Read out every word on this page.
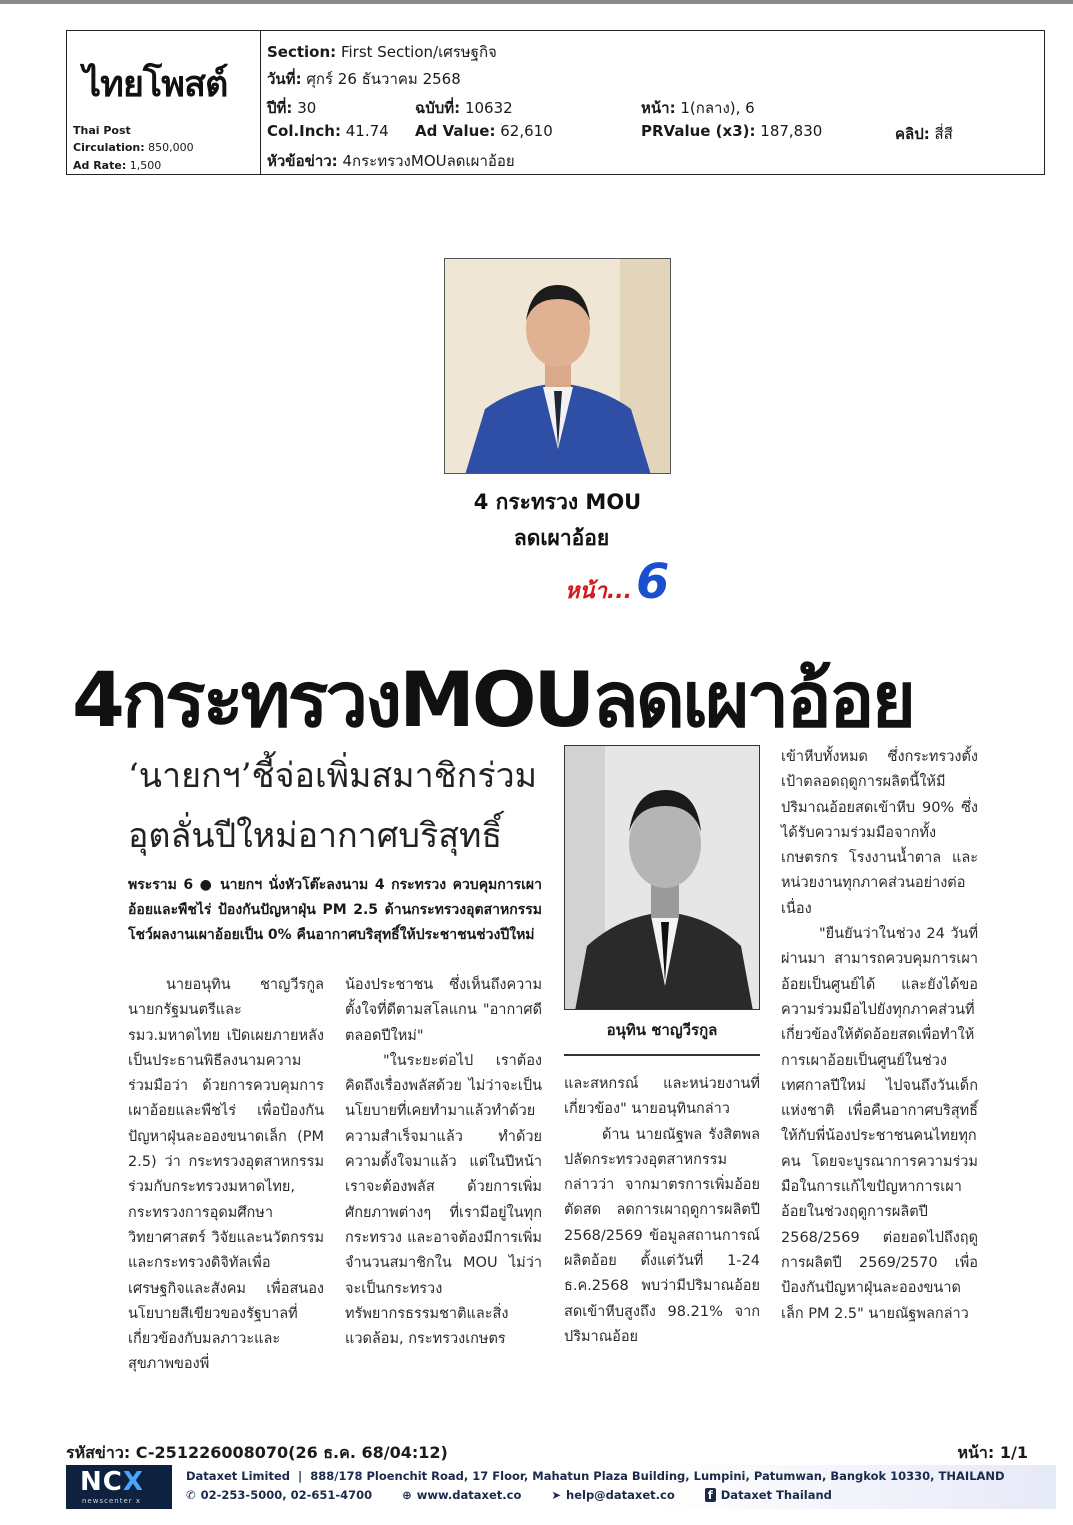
ไทยโพสต์
Thai Post
Circulation: 850,000
Ad Rate: 1,500
Section: First Section/เศรษฐกิจ
วันที่: ศุกร์ 26 ธันวาคม 2568
ปีที่: 30	ฉบับที่: 10632	หน้า: 1(กลาง), 6
Col.Inch: 41.74 Ad Value: 62,610	PRValue (x3): 187,830	คลิป: สี่สี
หัวข้อข่าว: 4กระทรวงMOUลดเผาอ้อย
4 กระทรวง MOU
ลดเผาอ้อย
หน้า...6
4กระทรวงMOUลดเผาอ้อย
‘นายกฯ’ชี้จ่อเพิ่มสมาชิกร่วม
อุตลั่นปีใหม่อากาศบริสุทธิ์
พระราม 6 ● นายกฯ นั่งหัวโต๊ะลงนาม 4 กระทรวง ควบคุมการเผาอ้อยและพืชไร่ ป้องกันปัญหาฝุ่น PM 2.5 ด้านกระทรวงอุตสาหกรรมโชว์ผลงานเผาอ้อยเป็น 0% คืนอากาศบริสุทธิ์ให้ประชาชนช่วงปีใหม่

นายอนุทิน ชาญวีรกูล นายกรัฐมนตรีและ รมว.มหาดไทย เปิดเผยภายหลังเป็นประธานพิธีลงนามความร่วมมือว่า ด้วยการควบคุมการเผาอ้อยและพืชไร่ เพื่อป้องกันปัญหาฝุ่นละอองขนาดเล็ก (PM 2.5) ว่า กระทรวงอุตสาหกรรม ร่วมกับกระทรวงมหาดไทย, กระทรวงการอุดมศึกษา วิทยาศาสตร์ วิจัยและนวัตกรรม และกระทรวงดิจิทัลเพื่อเศรษฐกิจและสังคม เพื่อสนองนโยบายสีเขียวของรัฐบาลที่เกี่ยวข้องกับมลภาวะและสุขภาพของพี่

น้องประชาชน ซึ่งเห็นถึงความตั้งใจที่ดีตามสโลแกน "อากาศดีตลอดปีใหม่"

"ในระยะต่อไป เราต้องคิดถึงเรื่องพลัสด้วย ไม่ว่าจะเป็นนโยบายที่เคยทำมาแล้วทำด้วยความสำเร็จมาแล้ว ทำด้วยความตั้งใจมาแล้ว แต่ในปีหน้าเราจะต้องพลัส ด้วยการเพิ่มศักยภาพต่างๆ ที่เรามีอยู่ในทุกกระทรวง และอาจต้องมีการเพิ่มจำนวนสมาชิกใน MOU ไม่ว่าจะเป็นกระทรวงทรัพยากรธรรมชาติและสิ่งแวดล้อม, กระทรวงเกษตร

อนุทิน ชาญวีรกูล

และสหกรณ์ และหน่วยงานที่เกี่ยวข้อง" นายอนุทินกล่าว

ด้าน นายณัฐพล รังสิตพลปลัดกระทรวงอุตสาหกรรม กล่าวว่า จากมาตรการเพิ่มอ้อยตัดสด ลดการเผาฤดูการผลิตปี 2568/2569 ข้อมูลสถานการณ์ผลิตอ้อย ตั้งแต่วันที่ 1-24 ธ.ค.2568 พบว่ามีปริมาณอ้อยสดเข้าหีบสูงถึง 98.21% จากปริมาณอ้อย

เข้าหีบทั้งหมด ซึ่งกระทรวงตั้งเป้าตลอดฤดูการผลิตนี้ให้มีปริมาณอ้อยสดเข้าหีบ 90% ซึ่งได้รับความร่วมมือจากทั้งเกษตรกร โรงงานน้ำตาล และหน่วยงานทุกภาคส่วนอย่างต่อเนื่อง

"ยืนยันว่าในช่วง 24 วันที่ผ่านมา สามารถควบคุมการเผาอ้อยเป็นศูนย์ได้ และยังได้ขอความร่วมมือไปยังทุกภาคส่วนที่เกี่ยวข้องให้ตัดอ้อยสดเพื่อทำให้การเผาอ้อยเป็นศูนย์ในช่วงเทศกาลปีใหม่ ไปจนถึงวันเด็กแห่งชาติ เพื่อคืนอากาศบริสุทธิ์ให้กับพี่น้องประชาชนคนไทยทุกคน โดยจะบูรณาการความร่วมมือในการแก้ไขปัญหาการเผาอ้อยในช่วงฤดูการผลิตปี 2568/2569 ต่อยอดไปถึงฤดูการผลิตปี 2569/2570 เพื่อป้องกันปัญหาฝุ่นละอองขนาดเล็ก PM 2.5" นายณัฐพลกล่าว

รหัสข่าว: C-251226008070(26 ธ.ค. 68/04:12)	หน้า: 1/1
NCX
newscenter x
Dataxet Limited | 888/178 Ploenchit Road, 17 Floor, Mahatun Plaza Building, Lumpini, Patumwan, Bangkok 10330, THAILAND
✆ 02-253-5000, 02-651-4700	⊕ www.dataxet.co	➤ help@dataxet.co	f Dataxet Thailand
